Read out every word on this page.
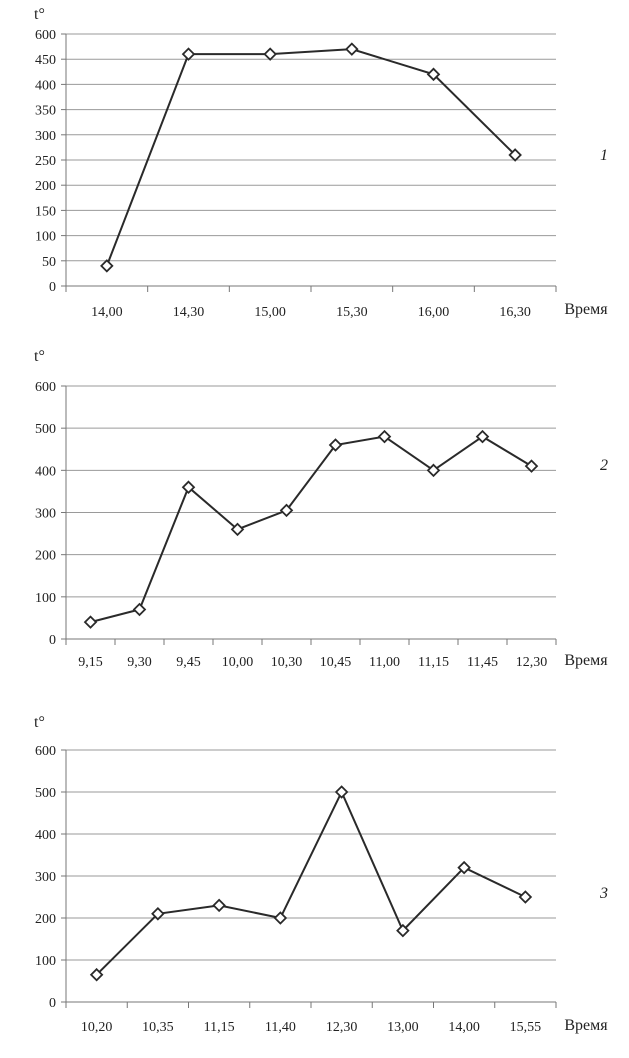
0
50
100
150
200
250
300
350
400
450
600
14,00	14,30	15,00	15,30	16,00	16,30
t°
Время
1
0
100
200
300
400
500
600
9,15 9,30 9,45 10,00 10,30 10,45 11,00 11,15 11,45 12,30
t°
Время
2
0
100
200
300
400
500
600
10,20 10,35 11,15 11,40 12,30 13,00 14,00 15,55
t°
Время
3
